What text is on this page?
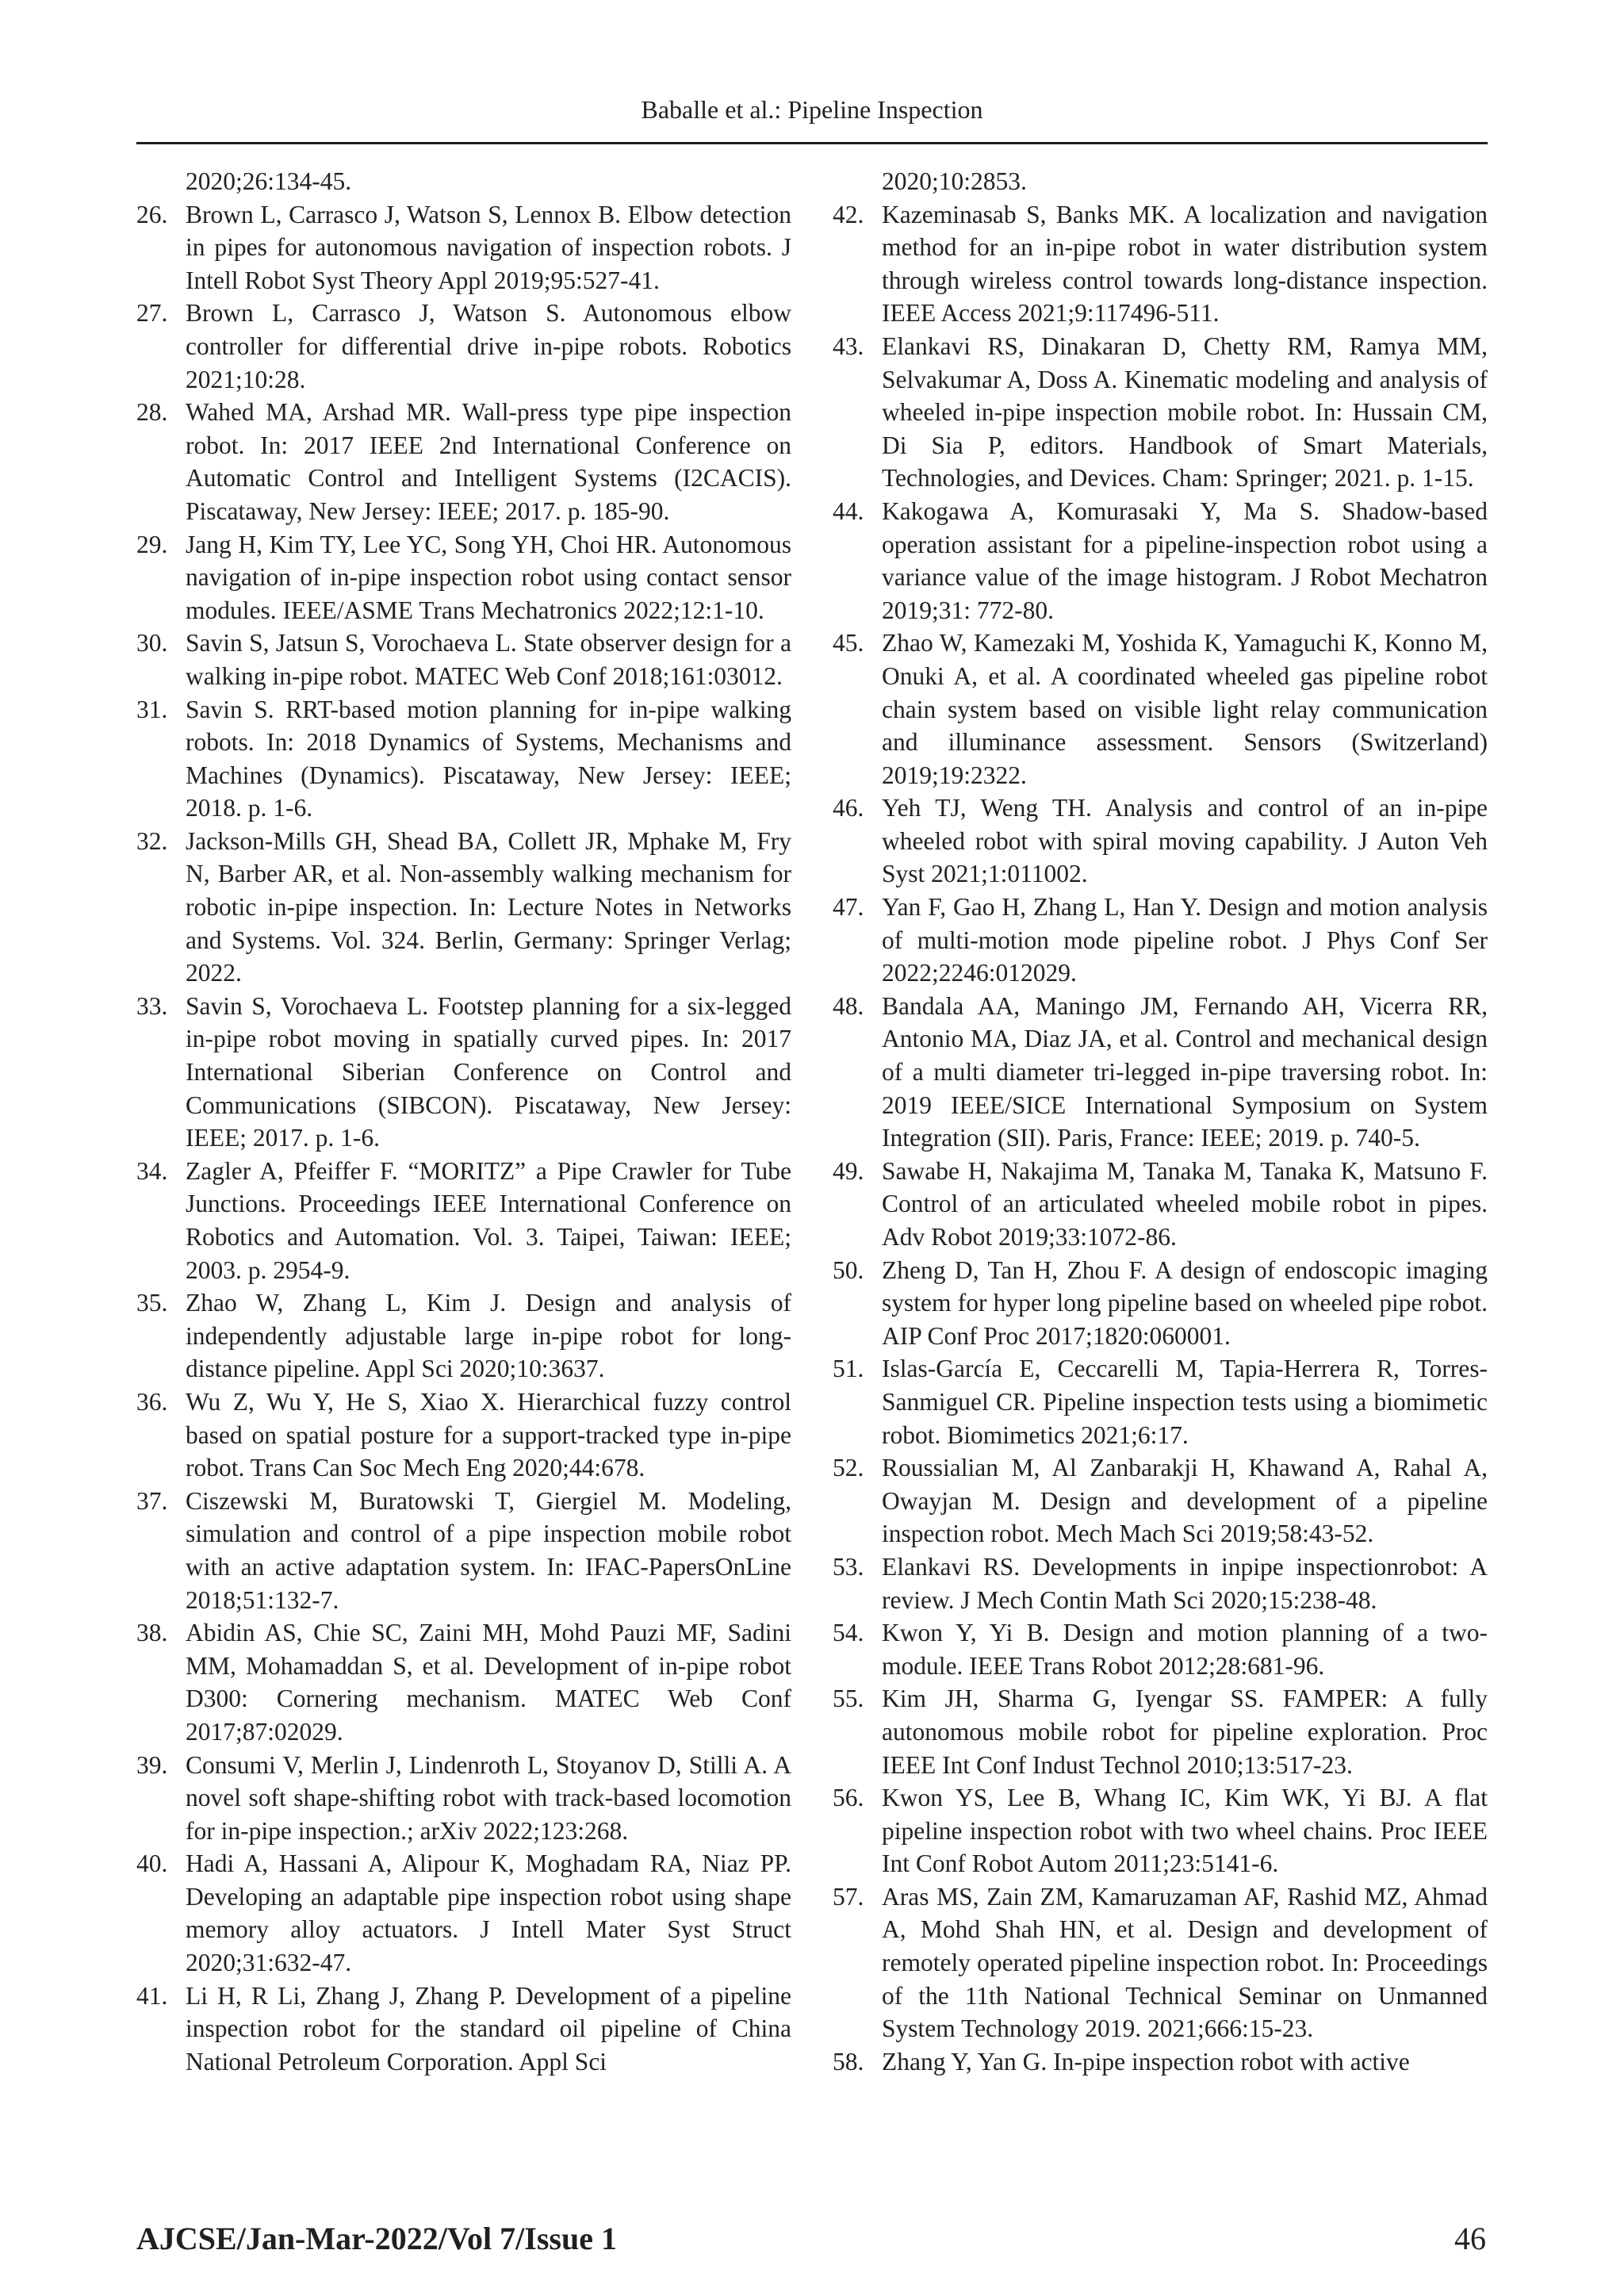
Baballe et al.: Pipeline Inspection
2020;26:134-45.
26. Brown L, Carrasco J, Watson S, Lennox B. Elbow detection in pipes for autonomous navigation of inspection robots. J Intell Robot Syst Theory Appl 2019;95:527-41.
27. Brown L, Carrasco J, Watson S. Autonomous elbow controller for differential drive in-pipe robots. Robotics 2021;10:28.
28. Wahed MA, Arshad MR. Wall-press type pipe inspection robot. In: 2017 IEEE 2nd International Conference on Automatic Control and Intelligent Systems (I2CACIS). Piscataway, New Jersey: IEEE; 2017. p. 185-90.
29. Jang H, Kim TY, Lee YC, Song YH, Choi HR. Autonomous navigation of in-pipe inspection robot using contact sensor modules. IEEE/ASME Trans Mechatronics 2022;12:1-10.
30. Savin S, Jatsun S, Vorochaeva L. State observer design for a walking in-pipe robot. MATEC Web Conf 2018;161:03012.
31. Savin S. RRT-based motion planning for in-pipe walking robots. In: 2018 Dynamics of Systems, Mechanisms and Machines (Dynamics). Piscataway, New Jersey: IEEE; 2018. p. 1-6.
32. Jackson-Mills GH, Shead BA, Collett JR, Mphake M, Fry N, Barber AR, et al. Non-assembly walking mechanism for robotic in-pipe inspection. In: Lecture Notes in Networks and Systems. Vol. 324. Berlin, Germany: Springer Verlag; 2022.
33. Savin S, Vorochaeva L. Footstep planning for a six-legged in-pipe robot moving in spatially curved pipes. In: 2017 International Siberian Conference on Control and Communications (SIBCON). Piscataway, New Jersey: IEEE; 2017. p. 1-6.
34. Zagler A, Pfeiffer F. “MORITZ” a Pipe Crawler for Tube Junctions. Proceedings IEEE International Conference on Robotics and Automation. Vol. 3. Taipei, Taiwan: IEEE; 2003. p. 2954-9.
35. Zhao W, Zhang L, Kim J. Design and analysis of independently adjustable large in-pipe robot for long-distance pipeline. Appl Sci 2020;10:3637.
36. Wu Z, Wu Y, He S, Xiao X. Hierarchical fuzzy control based on spatial posture for a support-tracked type in-pipe robot. Trans Can Soc Mech Eng 2020;44:678.
37. Ciszewski M, Buratowski T, Giergiel M. Modeling, simulation and control of a pipe inspection mobile robot with an active adaptation system. In: IFAC-PapersOnLine 2018;51:132-7.
38. Abidin AS, Chie SC, Zaini MH, Mohd Pauzi MF, Sadini MM, Mohamaddan S, et al. Development of in-pipe robot D300: Cornering mechanism. MATEC Web Conf 2017;87:02029.
39. Consumi V, Merlin J, Lindenroth L, Stoyanov D, Stilli A. A novel soft shape-shifting robot with track-based locomotion for in-pipe inspection.; arXiv 2022;123:268.
40. Hadi A, Hassani A, Alipour K, Moghadam RA, Niaz PP. Developing an adaptable pipe inspection robot using shape memory alloy actuators. J Intell Mater Syst Struct 2020;31:632-47.
41. Li H, R Li, Zhang J, Zhang P. Development of a pipeline inspection robot for the standard oil pipeline of China National Petroleum Corporation. Appl Sci
2020;10:2853.
42. Kazeminasab S, Banks MK. A localization and navigation method for an in-pipe robot in water distribution system through wireless control towards long-distance inspection. IEEE Access 2021;9:117496-511.
43. Elankavi RS, Dinakaran D, Chetty RM, Ramya MM, Selvakumar A, Doss A. Kinematic modeling and analysis of wheeled in-pipe inspection mobile robot. In: Hussain CM, Di Sia P, editors. Handbook of Smart Materials, Technologies, and Devices. Cham: Springer; 2021. p. 1-15.
44. Kakogawa A, Komurasaki Y, Ma S. Shadow-based operation assistant for a pipeline-inspection robot using a variance value of the image histogram. J Robot Mechatron 2019;31: 772-80.
45. Zhao W, Kamezaki M, Yoshida K, Yamaguchi K, Konno M, Onuki A, et al. A coordinated wheeled gas pipeline robot chain system based on visible light relay communication and illuminance assessment. Sensors (Switzerland) 2019;19:2322.
46. Yeh TJ, Weng TH. Analysis and control of an in-pipe wheeled robot with spiral moving capability. J Auton Veh Syst 2021;1:011002.
47. Yan F, Gao H, Zhang L, Han Y. Design and motion analysis of multi-motion mode pipeline robot. J Phys Conf Ser 2022;2246:012029.
48. Bandala AA, Maningo JM, Fernando AH, Vicerra RR, Antonio MA, Diaz JA, et al. Control and mechanical design of a multi diameter tri-legged in-pipe traversing robot. In: 2019 IEEE/SICE International Symposium on System Integration (SII). Paris, France: IEEE; 2019. p. 740-5.
49. Sawabe H, Nakajima M, Tanaka M, Tanaka K, Matsuno F. Control of an articulated wheeled mobile robot in pipes. Adv Robot 2019;33:1072-86.
50. Zheng D, Tan H, Zhou F. A design of endoscopic imaging system for hyper long pipeline based on wheeled pipe robot. AIP Conf Proc 2017;1820:060001.
51. Islas-García E, Ceccarelli M, Tapia-Herrera R, Torres-Sanmiguel CR. Pipeline inspection tests using a biomimetic robot. Biomimetics 2021;6:17.
52. Roussialian M, Al Zanbarakji H, Khawand A, Rahal A, Owayjan M. Design and development of a pipeline inspection robot. Mech Mach Sci 2019;58:43-52.
53. Elankavi RS. Developments in inpipe inspectionrobot: A review. J Mech Contin Math Sci 2020;15:238-48.
54. Kwon Y, Yi B. Design and motion planning of a two-module. IEEE Trans Robot 2012;28:681-96.
55. Kim JH, Sharma G, Iyengar SS. FAMPER: A fully autonomous mobile robot for pipeline exploration. Proc IEEE Int Conf Indust Technol 2010;13:517-23.
56. Kwon YS, Lee B, Whang IC, Kim WK, Yi BJ. A flat pipeline inspection robot with two wheel chains. Proc IEEE Int Conf Robot Autom 2011;23:5141-6.
57. Aras MS, Zain ZM, Kamaruzaman AF, Rashid MZ, Ahmad A, Mohd Shah HN, et al. Design and development of remotely operated pipeline inspection robot. In: Proceedings of the 11th National Technical Seminar on Unmanned System Technology 2019. 2021;666:15-23.
58. Zhang Y, Yan G. In-pipe inspection robot with active
AJCSE/Jan-Mar-2022/Vol 7/Issue 1	46
